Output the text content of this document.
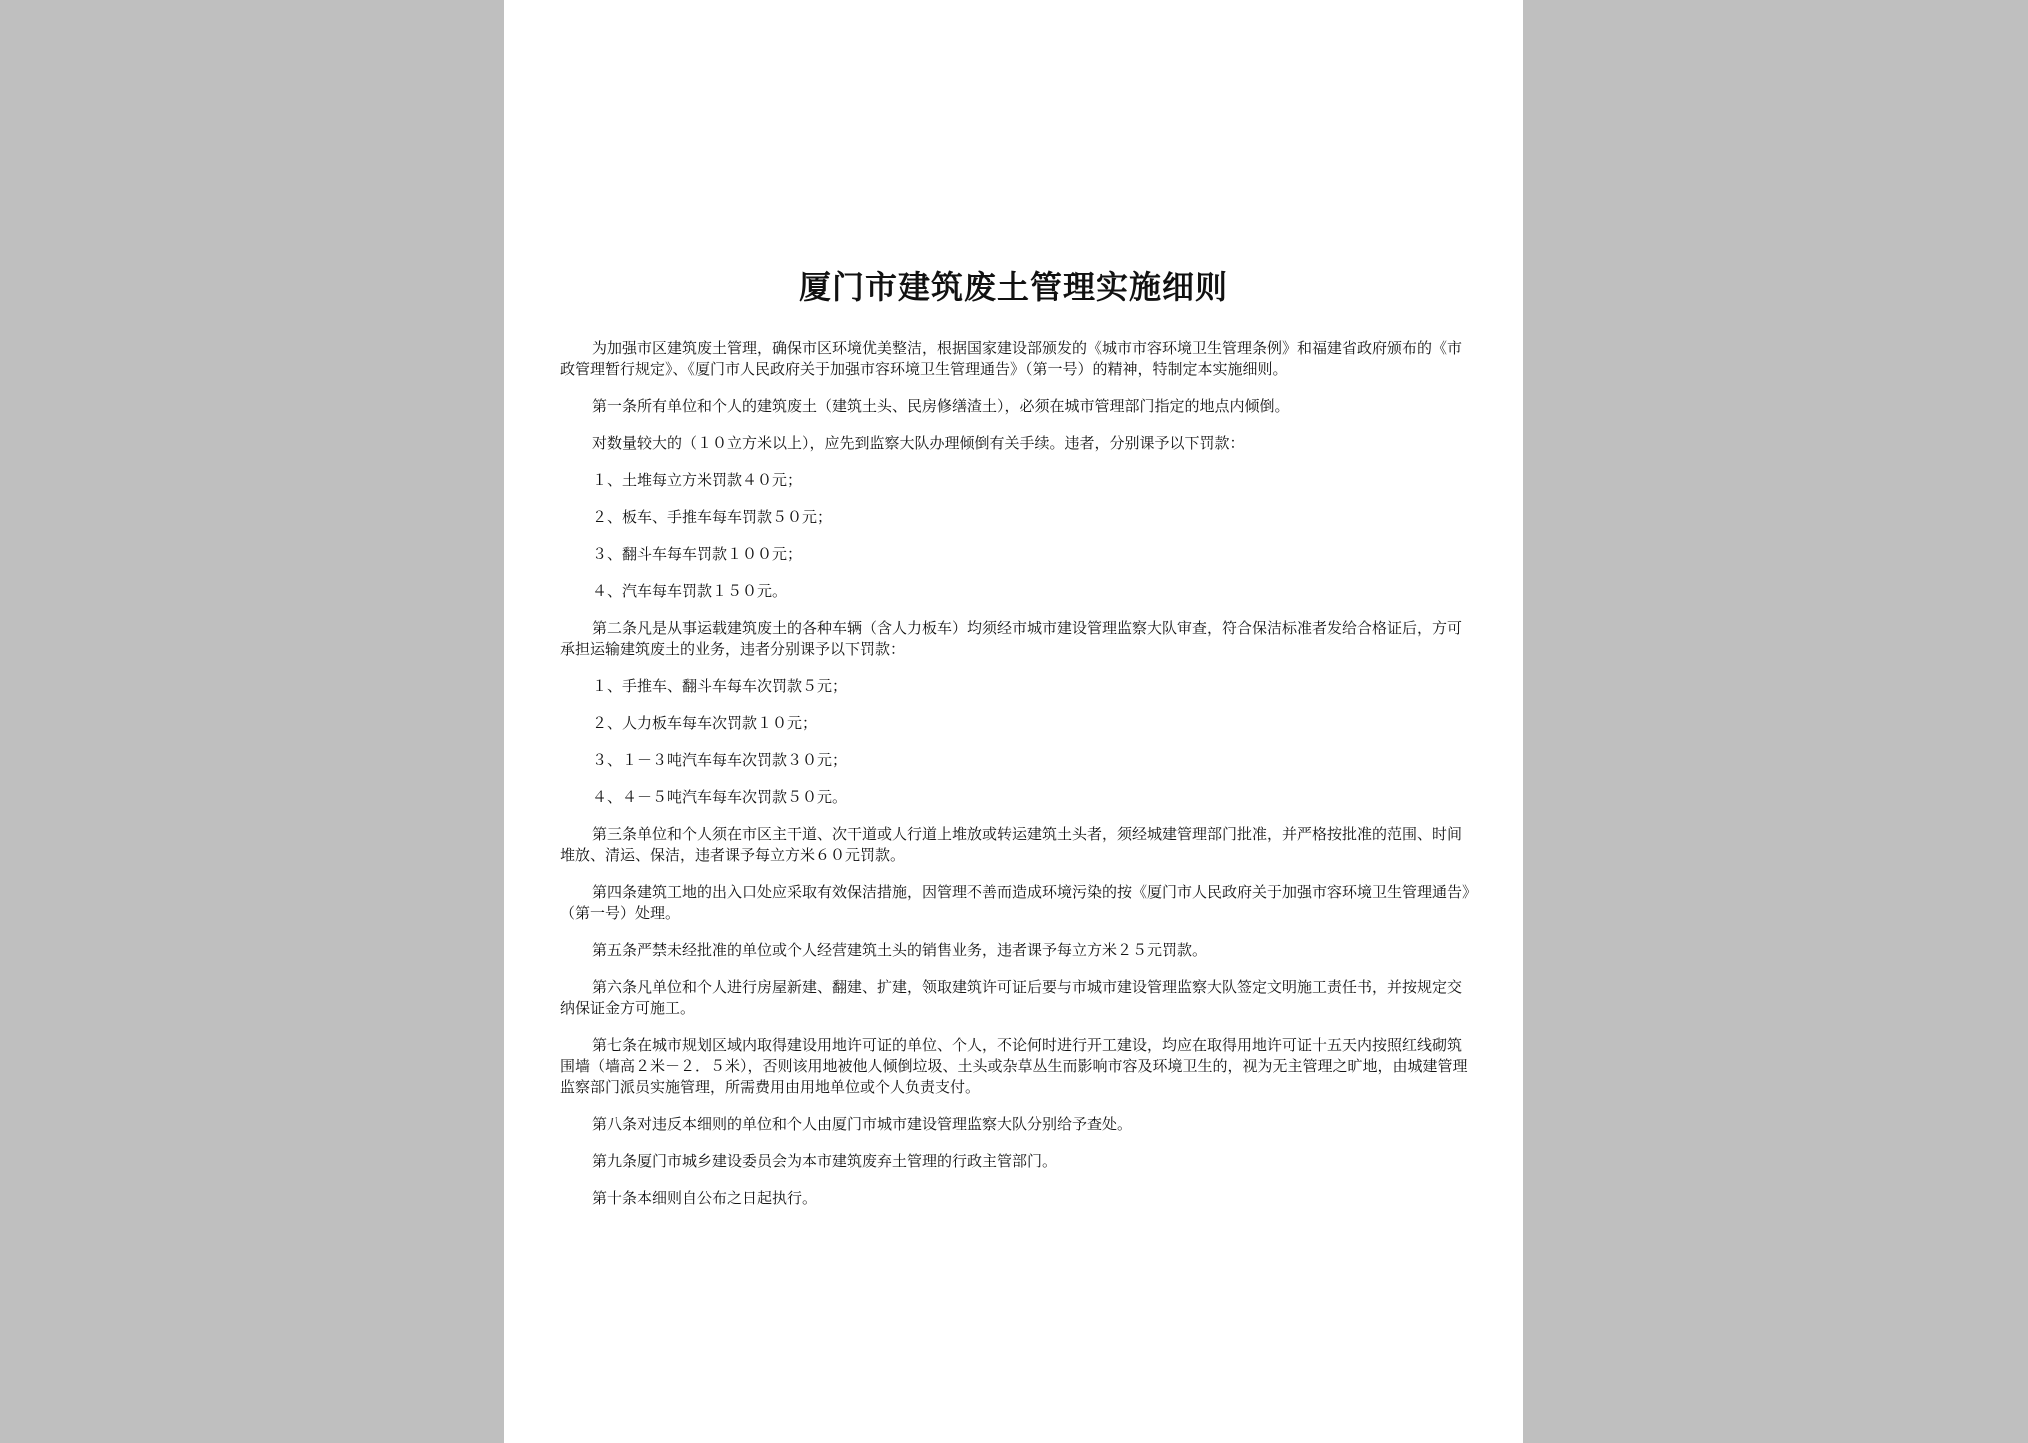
厦门市建筑废土管理实施细则

为加强市区建筑废土管理，确保市区环境优美整洁，根据国家建设部颁发的《城市市容环境卫生管理条例》和福建省政府颁布的《市政管理暂行规定》、《厦门市人民政府关于加强市容环境卫生管理通告》（第一号）的精神，特制定本实施细则。

第一条所有单位和个人的建筑废土（建筑土头、民房修缮渣土），必须在城市管理部门指定的地点内倾倒。

对数量较大的（１０立方米以上），应先到监察大队办理倾倒有关手续。违者，分别课予以下罚款：

１、土堆每立方米罚款４０元；

２、板车、手推车每车罚款５０元；

３、翻斗车每车罚款１００元；

４、汽车每车罚款１５０元。

第二条凡是从事运载建筑废土的各种车辆（含人力板车）均须经市城市建设管理监察大队审查，符合保洁标准者发给合格证后，方可承担运输建筑废土的业务，违者分别课予以下罚款：

１、手推车、翻斗车每车次罚款５元；

２、人力板车每车次罚款１０元；

３、１－３吨汽车每车次罚款３０元；

４、４－５吨汽车每车次罚款５０元。

第三条单位和个人须在市区主干道、次干道或人行道上堆放或转运建筑土头者，须经城建管理部门批准，并严格按批准的范围、时间堆放、清运、保洁，违者课予每立方米６０元罚款。

第四条建筑工地的出入口处应采取有效保洁措施，因管理不善而造成环境污染的按《厦门市人民政府关于加强市容环境卫生管理通告》（第一号）处理。

第五条严禁未经批准的单位或个人经营建筑土头的销售业务，违者课予每立方米２５元罚款。

第六条凡单位和个人进行房屋新建、翻建、扩建，领取建筑许可证后要与市城市建设管理监察大队签定文明施工责任书，并按规定交纳保证金方可施工。

第七条在城市规划区域内取得建设用地许可证的单位、个人，不论何时进行开工建设，均应在取得用地许可证十五天内按照红线砌筑围墙（墙高２米－２．５米），否则该用地被他人倾倒垃圾、土头或杂草丛生而影响市容及环境卫生的，视为无主管理之旷地，由城建管理监察部门派员实施管理，所需费用由用地单位或个人负责支付。

第八条对违反本细则的单位和个人由厦门市城市建设管理监察大队分别给予查处。

第九条厦门市城乡建设委员会为本市建筑废弃土管理的行政主管部门。

第十条本细则自公布之日起执行。
